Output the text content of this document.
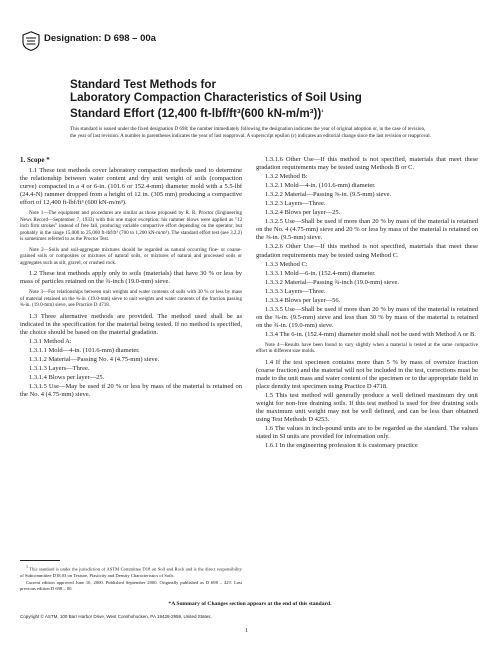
Designation: D 698 – 00a
Standard Test Methods for
Laboratory Compaction Characteristics of Soil Using
Standard Effort (12,400 ft-lbf/ft³(600 kN-m/m³))$^1$
This standard is issued under the fixed designation D 698; the number immediately following the designation indicates the year of original adoption or, in the case of revision, the year of last revision. A number in parentheses indicates the year of last reapproval. A superscript epsilon (ε) indicates an editorial change since the last revision or reapproval.
1. Scope *

1.1 These test methods cover laboratory compaction methods used to determine the relationship between water content and dry unit weight of soils (compaction curve) compacted in a 4 or 6-in. (101.6 or 152.4-mm) diameter mold with a 5.5-lbf (24.4-N) rammer dropped from a height of 12 in. (305 mm) producing a compactive effort of 12,400 ft-lbf/ft³ (600 kN-m/m³).

Note 1—The equipment and procedures are similar as those proposed by R. R. Proctor (Engineering News Record—September 7, 1933) with this one major exception: his rammer blows were applied as "12 inch firm strokes" instead of free fall, producing variable compactive effort depending on the operator, but probably in the range 15,000 to 25,000 ft-lbf/ft³ (700 to 1,200 kN-m/m³). The standard effort test (see 3.2.2) is sometimes referred to as the Proctor Test.

Note 2—Soils and soil-aggregate mixtures should be regarded as natural occurring fine- or coarse-grained soils or composites or mixtures of natural soils, or mixtures of natural and processed soils or aggregates such as silt, gravel, or crushed rock.

1.2 These test methods apply only to soils (materials) that have 30 % or less by mass of particles retained on the ¾-inch (19.0-mm) sieve.

Note 3—For relationships between unit weights and water contents of soils with 30 % or less by mass of material retained on the ¾-in. (19.0-mm) sieve to unit weights and water contents of the fraction passing ¾-in. (19.0-mm) sieve, see Practice D 4718.

1.3 Three alternative methods are provided. The method used shall be as indicated in the specification for the material being tested. If no method is specified, the choice should be based on the material gradation.

1.3.1 Method A:

1.3.1.1 Mold—4-in. (101.6-mm) diameter.

1.3.1.2 Material—Passing No. 4 (4.75-mm) sieve.

1.3.1.3 Layers—Three.

1.3.1.4 Blows per layer—25.

1.3.1.5 Use—May be used if 20 % or less by mass of the material is retained on the No. 4 (4.75-mm) sieve.

1 This standard is under the jurisdiction of ASTM Committee D18 on Soil and Rock and is the direct responsibility of Subcommittee D18.03 on Texture, Plasticity and Density Characteristics of Soils.

Current edition approved June 10, 2000. Published September 2000. Originally published as D 698 – 42T. Last previous edition D 698 – 00.

1.3.1.6 Other Use—If this method is not specified, materials that meet these gradation requirements may be tested using Methods B or C.

1.3.2 Method B:

1.3.2.1 Mold—4-in. (101.6-mm) diameter.

1.3.2.2 Material—Passing ⅜-in. (9.5-mm) sieve.

1.3.2.3 Layers—Three.

1.3.2.4 Blows per layer—25.

1.3.2.5 Use—Shall be used if more than 20 % by mass of the material is retained on the No. 4 (4.75-mm) sieve and 20 % or less by mass of the material is retained on the ⅜-in. (9.5-mm) sieve.

1.3.2.6 Other Use—If this method is not specified, materials that meet these gradation requirements may be tested using Method C.

1.3.3 Method C:

1.3.3.1 Mold—6-in. (152.4-mm) diameter.

1.3.3.2 Material—Passing ¾-inch (19.0-mm) sieve.

1.3.3.3 Layers—Three.

1.3.3.4 Blows per layer—56.

1.3.3.5 Use—Shall be used if more than 20 % by mass of the material is retained on the ⅜-in. (9.5-mm) sieve and less than 30 % by mass of the material is retained on the ¾-in. (19.0-mm) sieve.

1.3.4 The 6-in. (152.4-mm) diameter mold shall not be used with Method A or B.

Note 4—Results have been found to vary slightly when a material is tested at the same compactive effort in different size molds.

1.4 If the test specimen contains more than 5 % by mass of oversize fraction (coarse fraction) and the material will not be included in the test, corrections must be made to the unit mass and water content of the specimen or to the appropriate field in place density test specimen using Practice D 4718.

1.5 This test method will generally produce a well defined maximum dry unit weight for non-free draining soils. If this test method is used for free draining soils the maximum unit weight may not be well defined, and can be less than obtained using Test Methods D 4253.

1.6 The values in inch-pound units are to be regarded as the standard. The values stated in SI units are provided for information only.

1.6.1 In the engineering profession it is customary practice

*A Summary of Changes section appears at the end of this standard.
Copyright © ASTM, 100 Barr Harbor Drive, West Conshohocken, PA 19428-2959, United States.
1
